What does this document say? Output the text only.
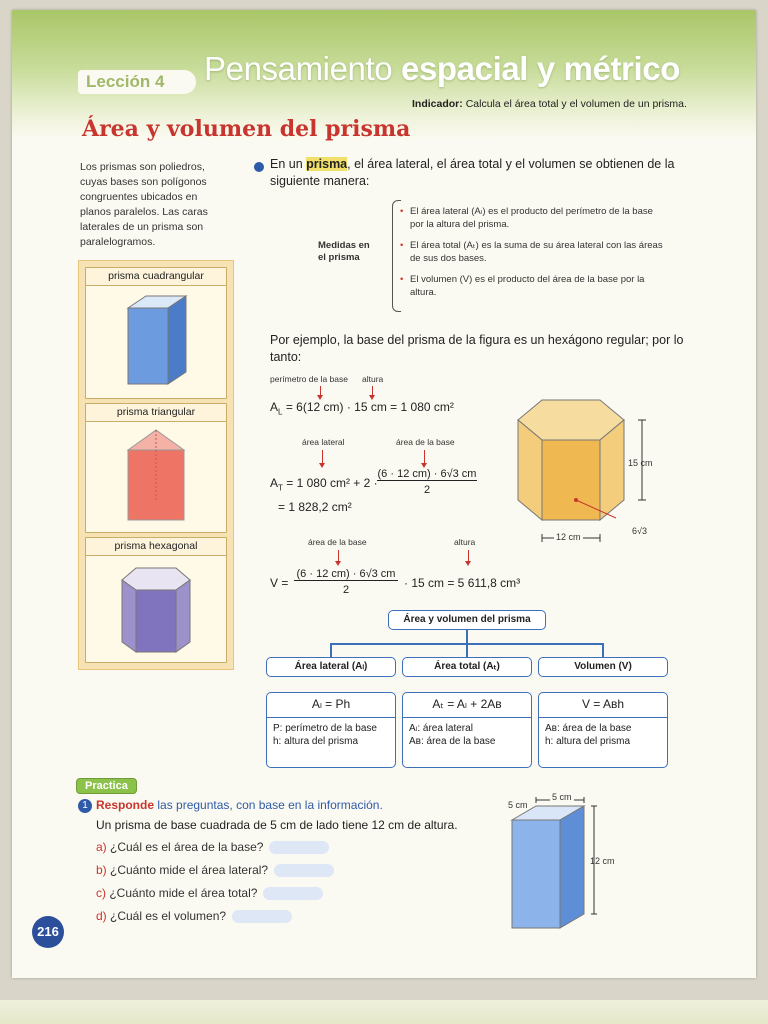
Lección 4	Pensamiento espacial y métrico
Indicador: Calcula el área total y el volumen de un prisma.
Área y volumen del prisma
Los prismas son poliedros, cuyas bases son polígonos congruentes ubicados en planos paralelos. Las caras laterales de un prisma son paralelogramos.
prisma cuadrangular
prisma triangular
prisma hexagonal
En un prisma, el área lateral, el área total y el volumen se obtienen de la siguiente manera:
Medidas en
el prisma
• El área lateral (Aₗ) es el producto del perímetro de la base por la altura del prisma.
• El área total (Aₜ) es la suma de su área lateral con las áreas de sus dos bases.
• El volumen (V) es el producto del área de la base por la altura.
Por ejemplo, la base del prisma de la figura es un hexágono regular; por lo tanto:
perímetro de la base altura
$A_L = 6(12$ cm) · 15 cm = 1 080 cm²
área lateral	área de la base
$A_T = 1$ 080 cm² + 2 ·
(6 · 12 cm) · 6√3 cm
2
= 1 828,2 cm²
área de la base	altura
V =
(6 · 12 cm) · 6√3 cm
2	· 15 cm = 5 611,8 cm³
15 cm
12 cm
6√3
Área y volumen del prisma
Área lateral (Aₗ)	Área total (Aₜ)	Volumen (V)
Aₗ = Ph
P: perímetro de la base
h: altura del prisma
Aₜ = Aₗ + 2Aʙ
Aₗ: área lateral
Aʙ: área de la base
V = Aʙh
Aʙ: área de la base
h: altura del prisma
Practica
1 Responde las preguntas, con base en la información.
Un prisma de base cuadrada de 5 cm de lado tiene 12 cm de altura.
a) ¿Cuál es el área de la base?
b) ¿Cuánto mide el área lateral?
c) ¿Cuánto mide el área total?
d) ¿Cuál es el volumen?
5 cm
5 cm
12 cm
216
